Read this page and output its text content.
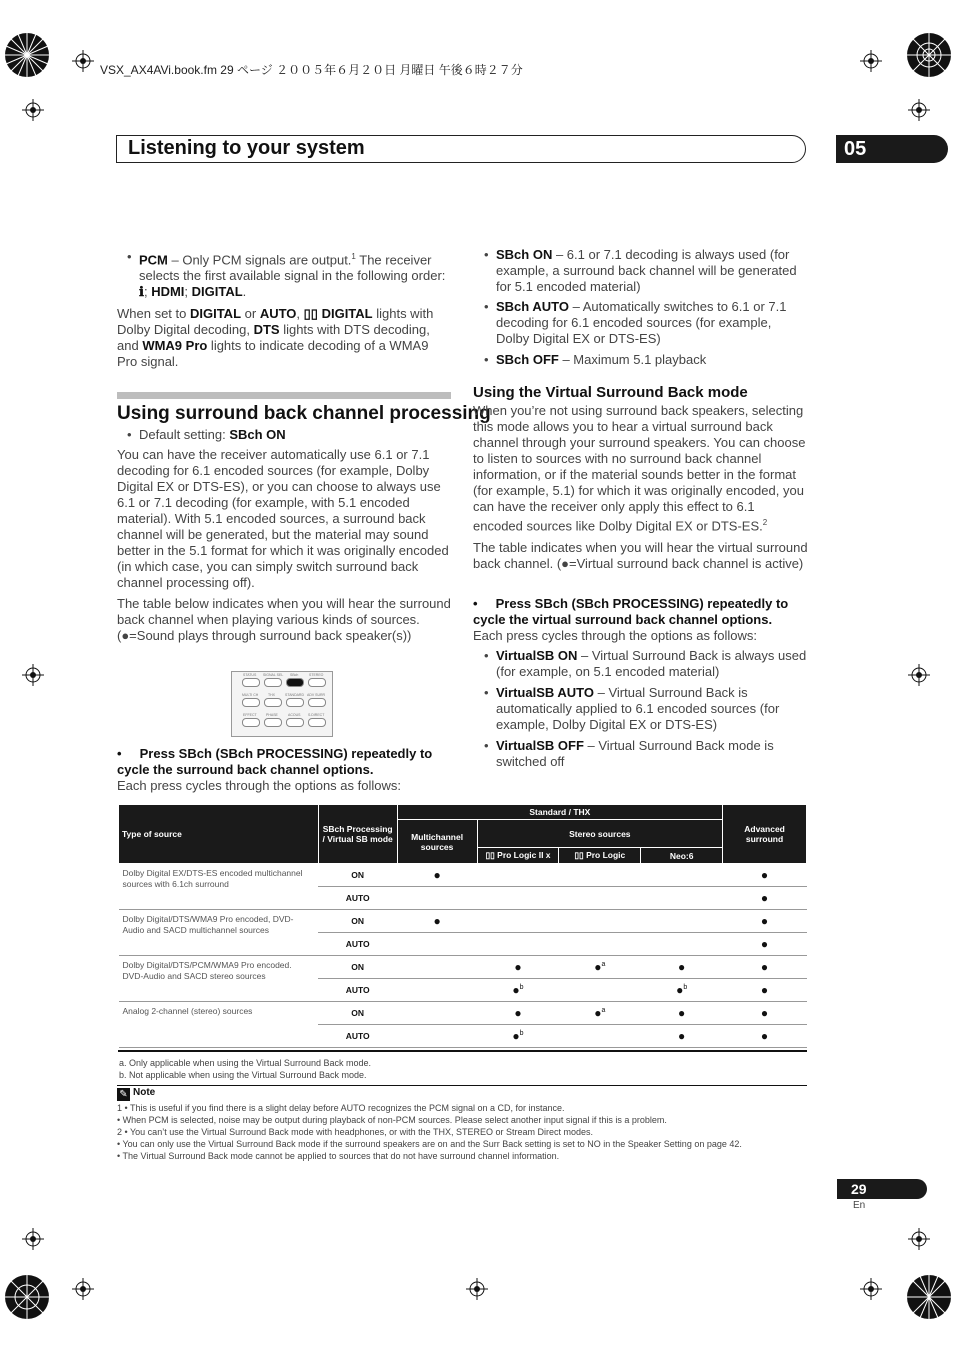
VSX_AX4AVi.book.fm 29 ページ ２００５年６月２０日 月曜日 午後６時２７分
Listening to your system	05
• PCM – Only PCM signals are output.$^1$ The receiver selects the first available signal in the following order: ℹ; HDMI; DIGITAL.
When set to DIGITAL or AUTO, ▯▯ DIGITAL lights with Dolby Digital decoding, DTS lights with DTS decoding, and WMA9 Pro lights to indicate decoding of a WMA9 Pro signal.
Using surround back channel processing
• Default setting: SBch ON
You can have the receiver automatically use 6.1 or 7.1 decoding for 6.1 encoded sources (for example, Dolby Digital EX or DTS-ES), or you can choose to always use 6.1 or 7.1 decoding (for example, with 5.1 encoded material). With 5.1 encoded sources, a surround back channel will be generated, but the material may sound better in the 5.1 format for which it was originally encoded (in which case, you can simply switch surround back channel processing off).
The table below indicates when you will hear the surround back channel when playing various kinds of sources. (●=Sound plays through surround back speaker(s))
STATUS SIGNAL SEL SBch	STEREO
MULTI CH	THX	STANDARD ADV SURR
EFFECT	PHASE	ACOUS S.DIRECT
•     Press SBch (SBch PROCESSING) repeatedly to cycle the surround back channel options.
Each press cycles through the options as follows:
• SBch ON – 6.1 or 7.1 decoding is always used (for example, a surround back channel will be generated for 5.1 encoded material)
• SBch AUTO – Automatically switches to 6.1 or 7.1 decoding for 6.1 encoded sources (for example, Dolby Digital EX or DTS-ES)
• SBch OFF – Maximum 5.1 playback
Using the Virtual Surround Back mode
When you’re not using surround back speakers, selecting this mode allows you to hear a virtual surround back channel through your surround speakers. You can choose to listen to sources with no surround back channel information, or if the material sounds better in the format (for example, 5.1) for which it was originally encoded, you can have the receiver only apply this effect to 6.1 encoded sources like Dolby Digital EX or DTS-ES.$^2$
The table indicates when you will hear the virtual surround back channel. (●=Virtual surround back channel is active)
•     Press SBch (SBch PROCESSING) repeatedly to cycle the virtual surround back channel options.
Each press cycles through the options as follows:
• VirtualSB ON – Virtual Surround Back is always used (for example, on 5.1 encoded material)
• VirtualSB AUTO – Virtual Surround Back is automatically applied to 6.1 encoded sources (for example, Dolby Digital EX or DTS-ES)
• VirtualSB OFF – Virtual Surround Back mode is switched off
Type of source	SBch Processing / Virtual SB mode	Standard / THX				Advanced surround
		Multichannel sources	Stereo sources			
			▯▯ Pro Logic II x	▯▯ Pro Logic	Neo:6	
Dolby Digital EX/DTS-ES encoded multichannel sources with 6.1ch surround	ON	●				●
	AUTO					●
Dolby Digital/DTS/WMA9 Pro encoded, DVD-Audio and SACD multichannel sources	ON	●				●
	AUTO					●
Dolby Digital/DTS/PCM/WMA9 Pro encoded. DVD-Audio and SACD stereo sources	ON		●	●$^a$	●	●
	AUTO		●$^b$		●$^b$	●
Analog 2-channel (stereo) sources	ON		●	●$^a$	●	●
	AUTO		●$^b$		●	●
a. Only applicable when using the Virtual Surround Back mode.
b. Not applicable when using the Virtual Surround Back mode.
✎ Note
1 • This is useful if you find there is a slight delay before AUTO recognizes the PCM signal on a CD, for instance.
• When PCM is selected, noise may be output during playback of non-PCM sources. Please select another input signal if this is a problem.
2 • You can’t use the Virtual Surround Back mode with headphones, or with the THX, STEREO or Stream Direct modes.
• You can only use the Virtual Surround Back mode if the surround speakers are on and the Surr Back setting is set to NO in the Speaker Setting on page 42.
• The Virtual Surround Back mode cannot be applied to sources that do not have surround channel information.
29
En
